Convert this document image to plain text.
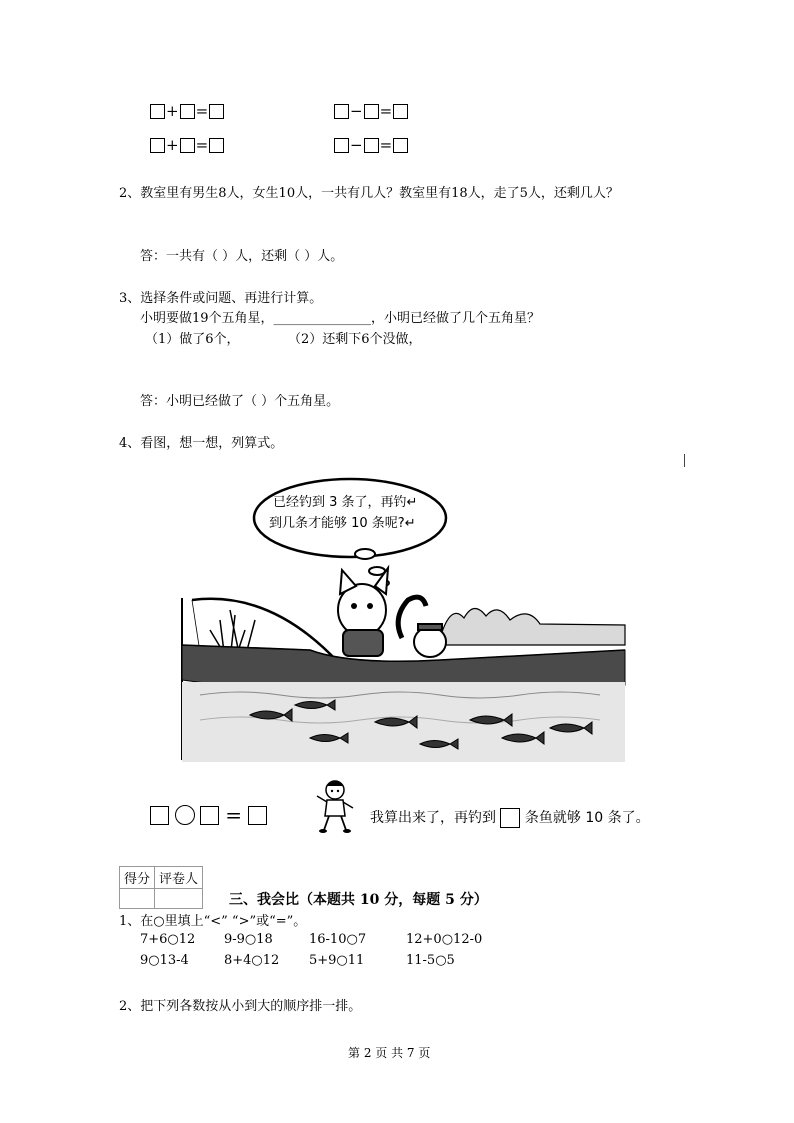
+ =	− =
+ =	− =
2、教室里有男生8人，女生10人，一共有几人？教室里有18人，走了5人，还剩几人？
答：一共有（ ）人，还剩（ ）人。
3、选择条件或问题、再进行计算。
小明要做19个五角星，_______________，小明已经做了几个五角星？
（1）做了6个，	（2）还剩下6个没做，
答：小明已经做了（ ）个五角星。
4、看图，想一想，列算式。
已经钓到 3 条了，再钓↵
到几条才能够 10 条呢?↵
=	我算出来了，再钓到 条鱼就够 10 条了。
得分	评卷人

三、我会比（本题共 10 分，每题 5 分）
1、在○里填上“<” “>”或“=”。
7+6○12 9-9○18	16-10○7	12+0○12-0
9○13-4	8+4○12 5+9○11	11-5○5
2、把下列各数按从小到大的顺序排一排。
第 2 页 共 7 页
